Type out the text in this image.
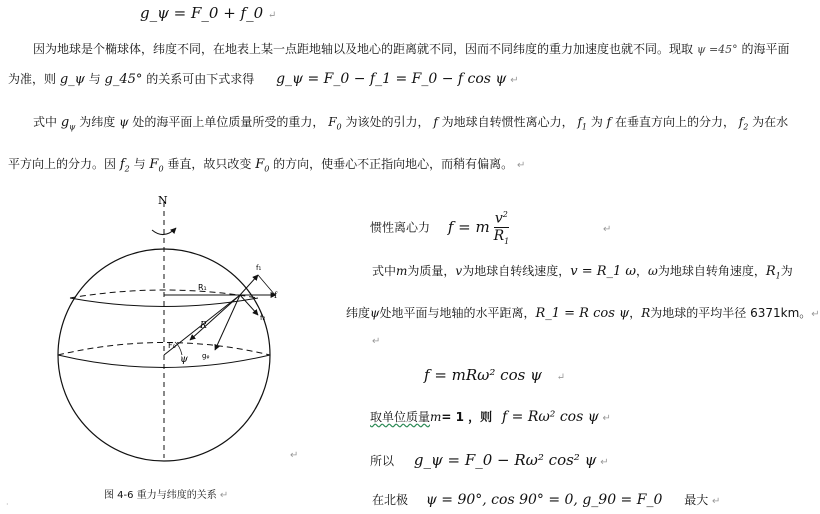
g_ψ = F_0 + f_0 ↵
因为地球是个椭球体，纬度不同，在地表上某一点距地轴以及地心的距离就不同，因而不同纬度的重力加速度也就不同。现取 ψ =45° 的海平面
为准，则 g_ψ 与 g_45° 的关系可由下式求得 g_ψ = F_0 − f_1 = F_0 − f cos ψ ↵
式中 $g_\psi$ 为纬度 ψ 处的海平面上单位质量所受的重力， $F_0$ 为该处的引力， f 为地球自转惯性离心力， $f_1$ 为 f 在垂直方向上的分力， $f_2$ 为在水
平方向上的分力。因 $f_2$ 与 $F_0$ 垂直，故只改变 $F_0$ 的方向，使垂心不正指向地心，而稍有偏离。 ↵
N
R₁
R
F₀
f
f₁
f₂
gᵩ
ψ
图 4-6 重力与纬度的关系 ↵
↵
惯性离心力 f = m $\frac{v^2}{R_1}$	↵
式中m为质量，v为地球自转线速度，v = R_1 ω，ω为地球自转角速度，$R_1$为
纬度ψ处地平面与地轴的水平距离，R_1 = R cos ψ，R为地球的平均半径 6371km。↵
↵
f = mRω² cos ψ ↵
取单位质量m= 1 ，则 f = Rω² cos ψ ↵
所以 g_ψ = F_0 − Rω² cos² ψ ↵
在北极 ψ = 90°, cos 90° = 0, g_90 = F_0 最大 ↵
·
